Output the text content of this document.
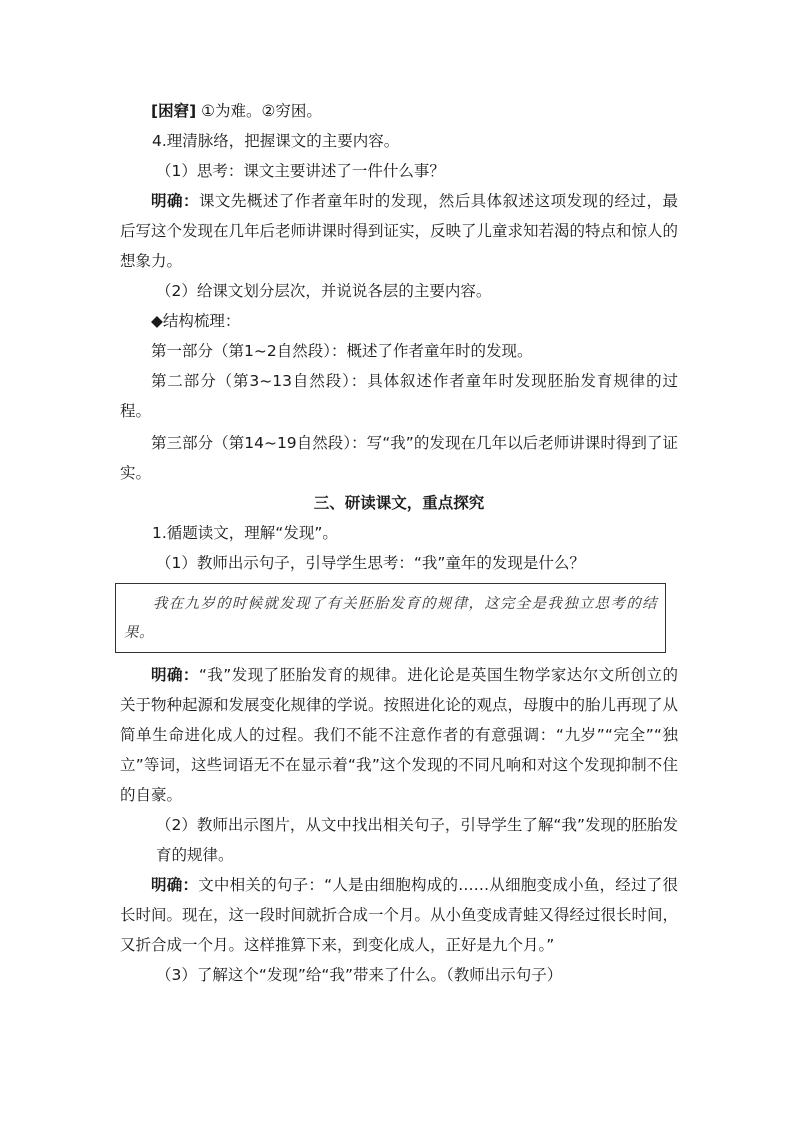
[困窘] ①为难。②穷困。

4.理清脉络，把握课文的主要内容。

（1）思考：课文主要讲述了一件什么事？

明确：课文先概述了作者童年时的发现，然后具体叙述这项发现的经过，最后写这个发现在几年后老师讲课时得到证实，反映了儿童求知若渴的特点和惊人的想象力。

（2）给课文划分层次，并说说各层的主要内容。

◆结构梳理：

第一部分（第1~2自然段）：概述了作者童年时的发现。

第二部分（第3~13自然段）：具体叙述作者童年时发现胚胎发育规律的过程。

第三部分（第14~19自然段）：写“我”的发现在几年以后老师讲课时得到了证实。

三、研读课文，重点探究

1.循题读文，理解“发现”。

（1）教师出示句子，引导学生思考：“我”童年的发现是什么？

我在九岁的时候就发现了有关胚胎发育的规律，这完全是我独立思考的结果。

明确：“我”发现了胚胎发育的规律。进化论是英国生物学家达尔文所创立的关于物种起源和发展变化规律的学说。按照进化论的观点，母腹中的胎儿再现了从简单生命进化成人的过程。我们不能不注意作者的有意强调：“九岁”“完全”“独立”等词，这些词语无不在显示着“我”这个发现的不同凡响和对这个发现抑制不住的自豪。

（2）教师出示图片，从文中找出相关句子，引导学生了解“我”发现的胚胎发育的规律。

明确：文中相关的句子：“人是由细胞构成的……从细胞变成小鱼，经过了很长时间。现在，这一段时间就折合成一个月。从小鱼变成青蛙又得经过很长时间，又折合成一个月。这样推算下来，到变化成人，正好是九个月。”

（3）了解这个“发现”给“我”带来了什么。（教师出示句子）
